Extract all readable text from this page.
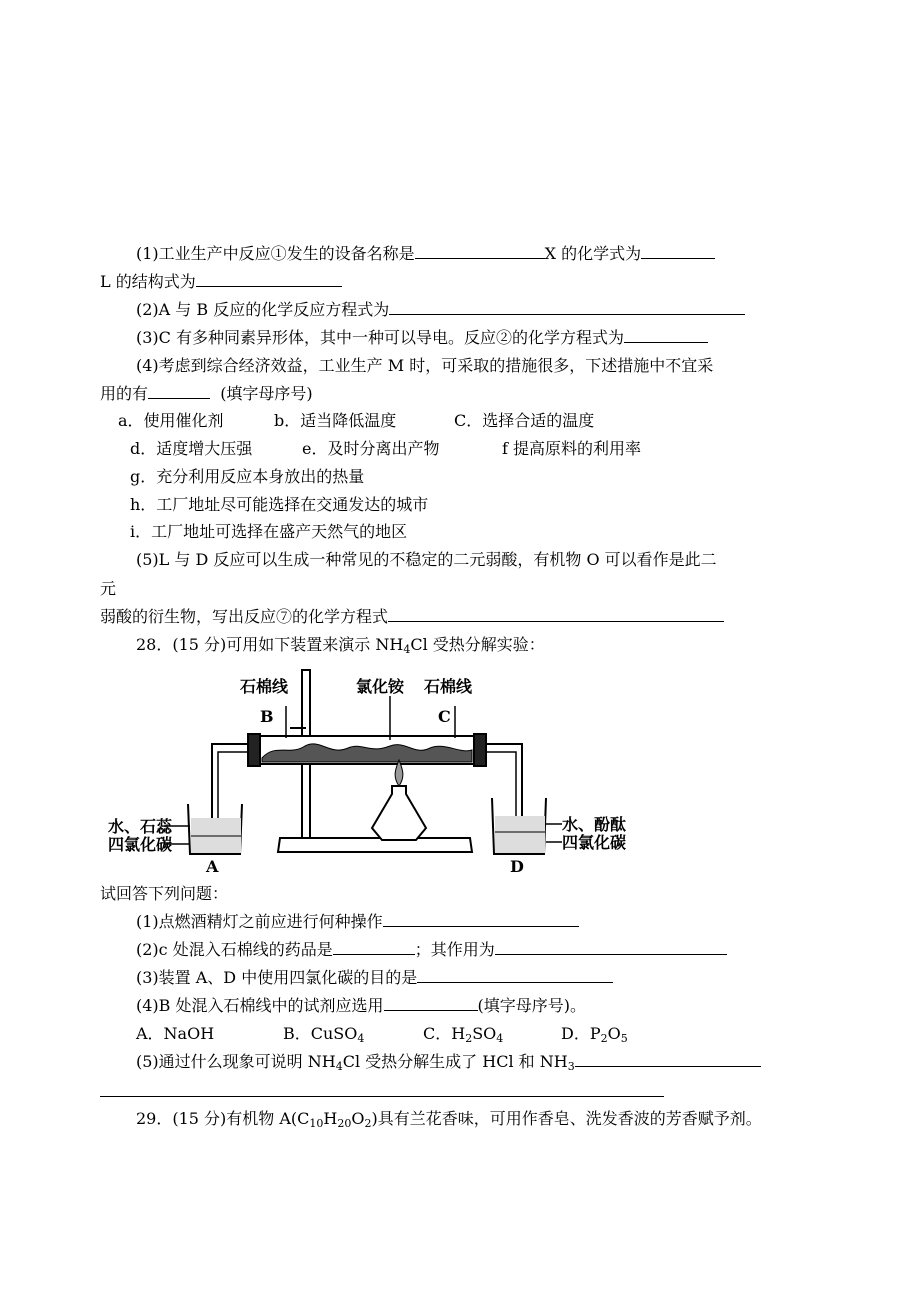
(1)工业生产中反应①发生的设备名称是	X 的化学式为
L 的结构式为
(2)A 与 B 反应的化学反应方程式为
(3)C 有多种同素异形体，其中一种可以导电。反应②的化学方程式为
(4)考虑到综合经济效益，工业生产 M 时，可采取的措施很多，下述措施中不宜采
用的有	(填字母序号)
a．使用催化剂	b．适当降低温度	C．选择合适的温度
d．适度增大压强	e．及时分离出产物	f 提高原料的利用率
g．充分利用反应本身放出的热量
h．工厂地址尽可能选择在交通发达的城市
i．工厂地址可选择在盛产天然气的地区
(5)L 与 D 反应可以生成一种常见的不稳定的二元弱酸，有机物 O 可以看作是此二
元
弱酸的衍生物，写出反应⑦的化学方程式
28．(15 分)可用如下装置来演示 $NH_4Cl$ 受热分解实验：
石棉线	氯化铵 石棉线
B	C
水、石蕊
四氯化碳
A
水、酚酞
四氯化碳
D
试回答下列问题：
(1)点燃酒精灯之前应进行何种操作
(2)c 处混入石棉线的药品是	；其作用为
(3)装置 A、D 中使用四氯化碳的目的是
(4)B 处混入石棉线中的试剂应选用	(填字母序号)。
A．NaOH	B．CuSO$_4$	C．$H_2SO_4$	D．$P_2O_5$
(5)通过什么现象可说明 $NH_4Cl$ 受热分解生成了 HCl 和 $NH_3$
29．(15 分)有机物 $A(C_{10}H_{20}O_2)$具有兰花香味，可用作香皂、洗发香波的芳香赋予剂。
